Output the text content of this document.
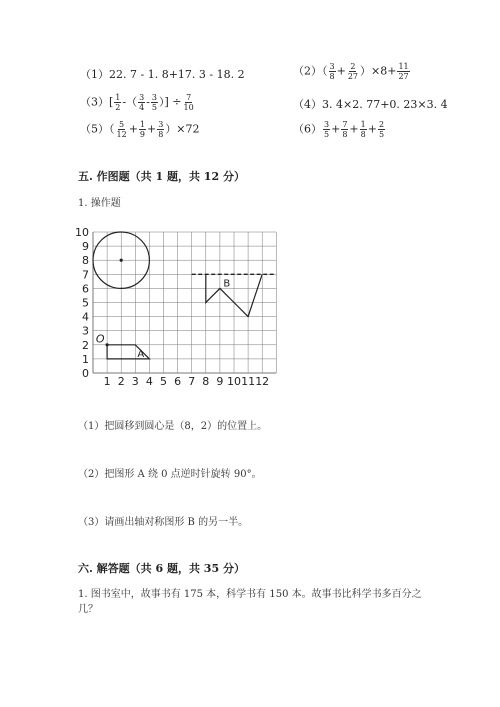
（1）22. 7 - 1. 8+17. 3 - 18. 2	$(2)( \frac{3}{8} + \frac{2}{27} )\times 8+ \frac{11}{27}$
$(3)[ \frac{1}{2}$ -（ $\frac{3}{4} - \frac{3}{5}$ ）] ÷ $\frac{7}{10}$	（4）3. 4×2. 77+0. 23×3. 4
$(5)( \frac{5}{12} + \frac{1}{9} + \frac{3}{8} )\times 72$	$(6) \frac{3}{5} + \frac{7}{8} + \frac{1}{8} + \frac{2}{5}$
五. 作图题（共 1 题，共 12 分）
1. 操作题
10
9
8
7
6
5
4
3
2
1
0
1 2 3 4 5 6 7 8 9 10 11 12
O
A
B
（1）把圆移到圆心是（8，2）的位置上。
（2）把图形 A 绕 0 点逆时针旋转 90°。
（3）请画出轴对称图形 B 的另一半。
六. 解答题（共 6 题，共 35 分）
1. 图书室中，故事书有 175 本，科学书有 150 本。故事书比科学书多百分之
几？
